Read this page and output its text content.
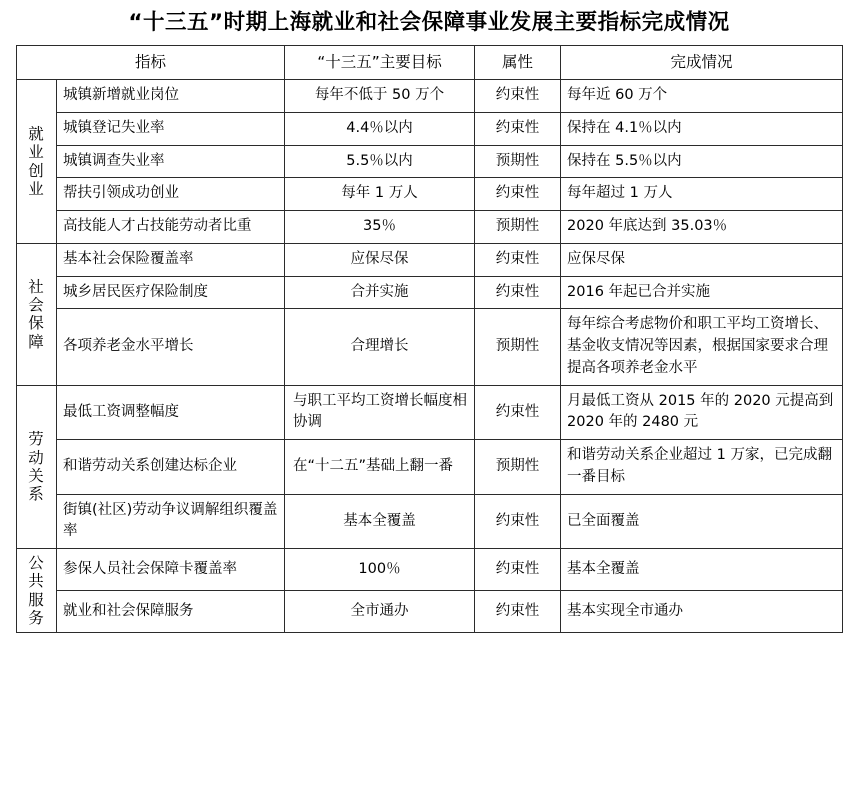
“十三五”时期上海就业和社会保障事业发展主要指标完成情况
指标		“十三五”主要目标	属性	完成情况

就业创业	城镇新增就业岗位	每年不低于 50 万个	约束性	每年近 60 万个
	城镇登记失业率	4.4％以内	约束性	保持在 4.1％以内
	城镇调查失业率	5.5％以内	预期性	保持在 5.5％以内
	帮扶引领成功创业	每年 1 万人	约束性	每年超过 1 万人
	高技能人才占技能劳动者比重	35％	预期性	2020 年底达到 35.03％

社会保障	基本社会保险覆盖率	应保尽保	约束性	应保尽保
	城乡居民医疗保险制度	合并实施	约束性	2016 年起已合并实施
	各项养老金水平增长	合理增长	预期性	每年综合考虑物价和职工平均工资增长、基金收支情况等因素，根据国家要求合理提高各项养老金水平

劳动关系	最低工资调整幅度	与职工平均工资增长幅度相协调	约束性	月最低工资从 2015 年的 2020 元提高到 2020 年的 2480 元
	和谐劳动关系创建达标企业	在“十二五”基础上翻一番	预期性	和谐劳动关系企业超过 1 万家，已完成翻一番目标
	街镇(社区)劳动争议调解组织覆盖率	基本全覆盖	约束性	已全面覆盖

公共服务	参保人员社会保障卡覆盖率	100％	约束性	基本全覆盖
	就业和社会保障服务	全市通办	约束性	基本实现全市通办
